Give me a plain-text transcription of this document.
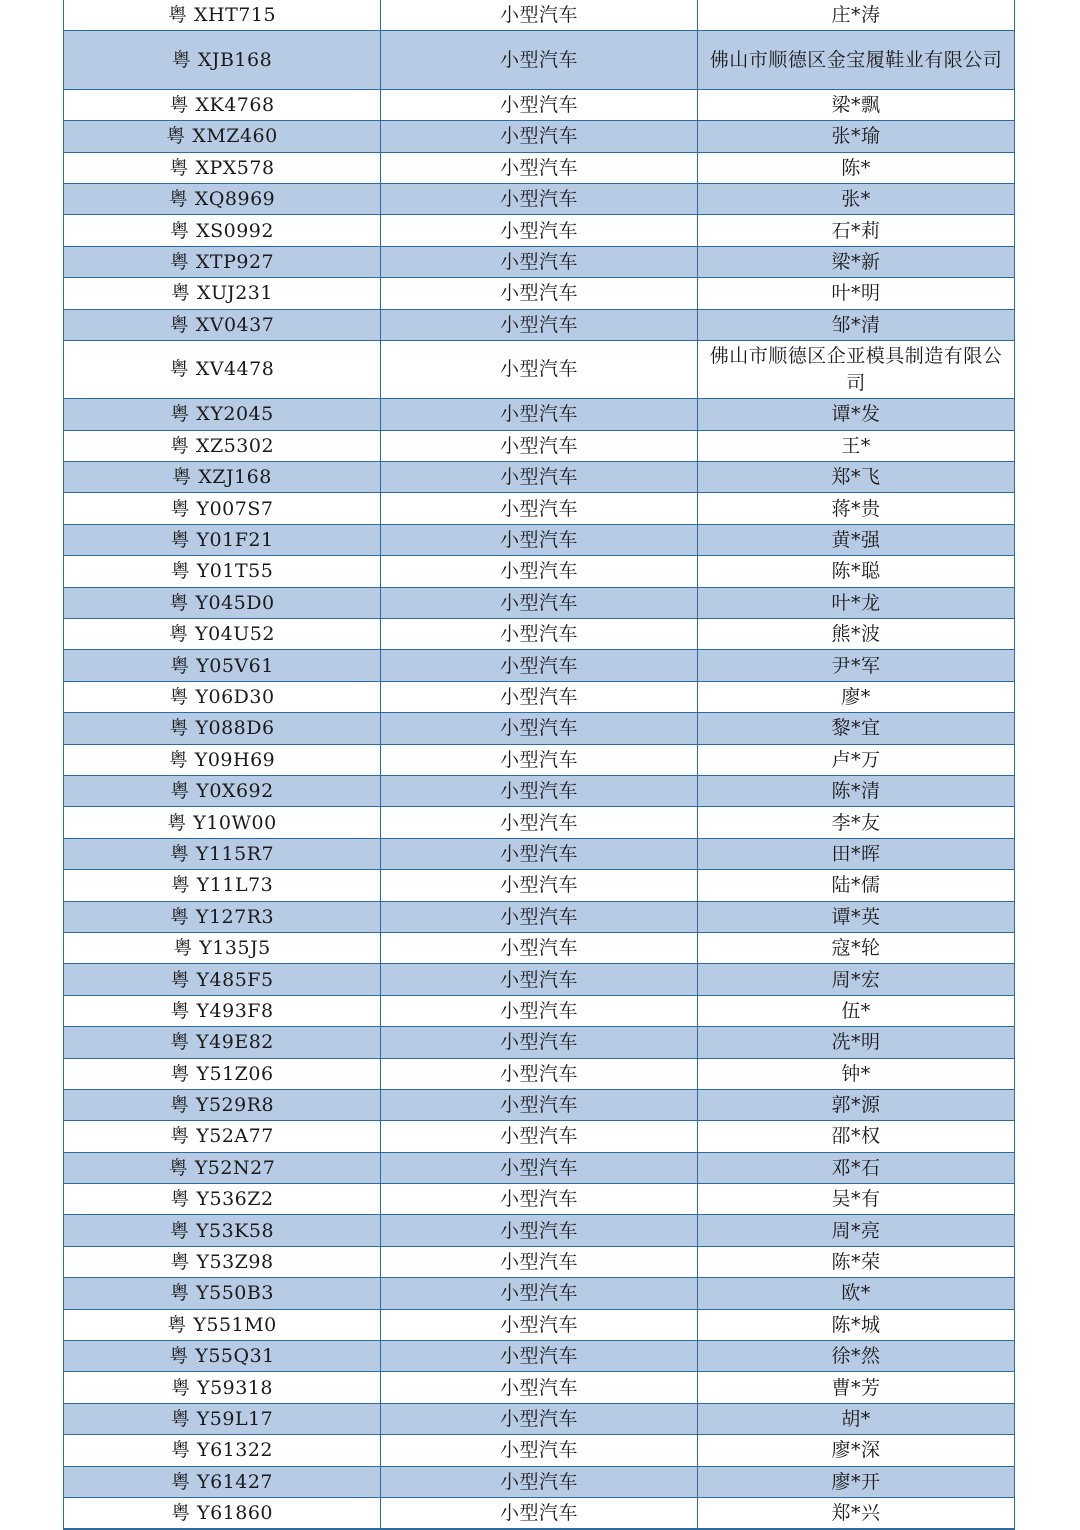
粤 XHT715	小型汽车	庄*涛
粤 XJB168	小型汽车	佛山市顺德区金宝履鞋业有限公司
粤 XK4768	小型汽车	梁*飘
粤 XMZ460	小型汽车	张*瑜
粤 XPX578	小型汽车	陈*
粤 XQ8969	小型汽车	张*
粤 XS0992	小型汽车	石*莉
粤 XTP927	小型汽车	梁*新
粤 XUJ231	小型汽车	叶*明
粤 XV0437	小型汽车	邹*清
粤 XV4478	小型汽车	佛山市顺德区企亚模具制造有限公司
粤 XY2045	小型汽车	谭*发
粤 XZ5302	小型汽车	王*
粤 XZJ168	小型汽车	郑*飞
粤 Y007S7	小型汽车	蒋*贵
粤 Y01F21	小型汽车	黄*强
粤 Y01T55	小型汽车	陈*聪
粤 Y045D0	小型汽车	叶*龙
粤 Y04U52	小型汽车	熊*波
粤 Y05V61	小型汽车	尹*军
粤 Y06D30	小型汽车	廖*
粤 Y088D6	小型汽车	黎*宜
粤 Y09H69	小型汽车	卢*万
粤 Y0X692	小型汽车	陈*清
粤 Y10W00	小型汽车	李*友
粤 Y115R7	小型汽车	田*晖
粤 Y11L73	小型汽车	陆*儒
粤 Y127R3	小型汽车	谭*英
粤 Y135J5	小型汽车	寇*轮
粤 Y485F5	小型汽车	周*宏
粤 Y493F8	小型汽车	伍*
粤 Y49E82	小型汽车	冼*明
粤 Y51Z06	小型汽车	钟*
粤 Y529R8	小型汽车	郭*源
粤 Y52A77	小型汽车	邵*权
粤 Y52N27	小型汽车	邓*石
粤 Y536Z2	小型汽车	吴*有
粤 Y53K58	小型汽车	周*亮
粤 Y53Z98	小型汽车	陈*荣
粤 Y550B3	小型汽车	欧*
粤 Y551M0	小型汽车	陈*城
粤 Y55Q31	小型汽车	徐*然
粤 Y59318	小型汽车	曹*芳
粤 Y59L17	小型汽车	胡*
粤 Y61322	小型汽车	廖*深
粤 Y61427	小型汽车	廖*开
粤 Y61860	小型汽车	郑*兴
